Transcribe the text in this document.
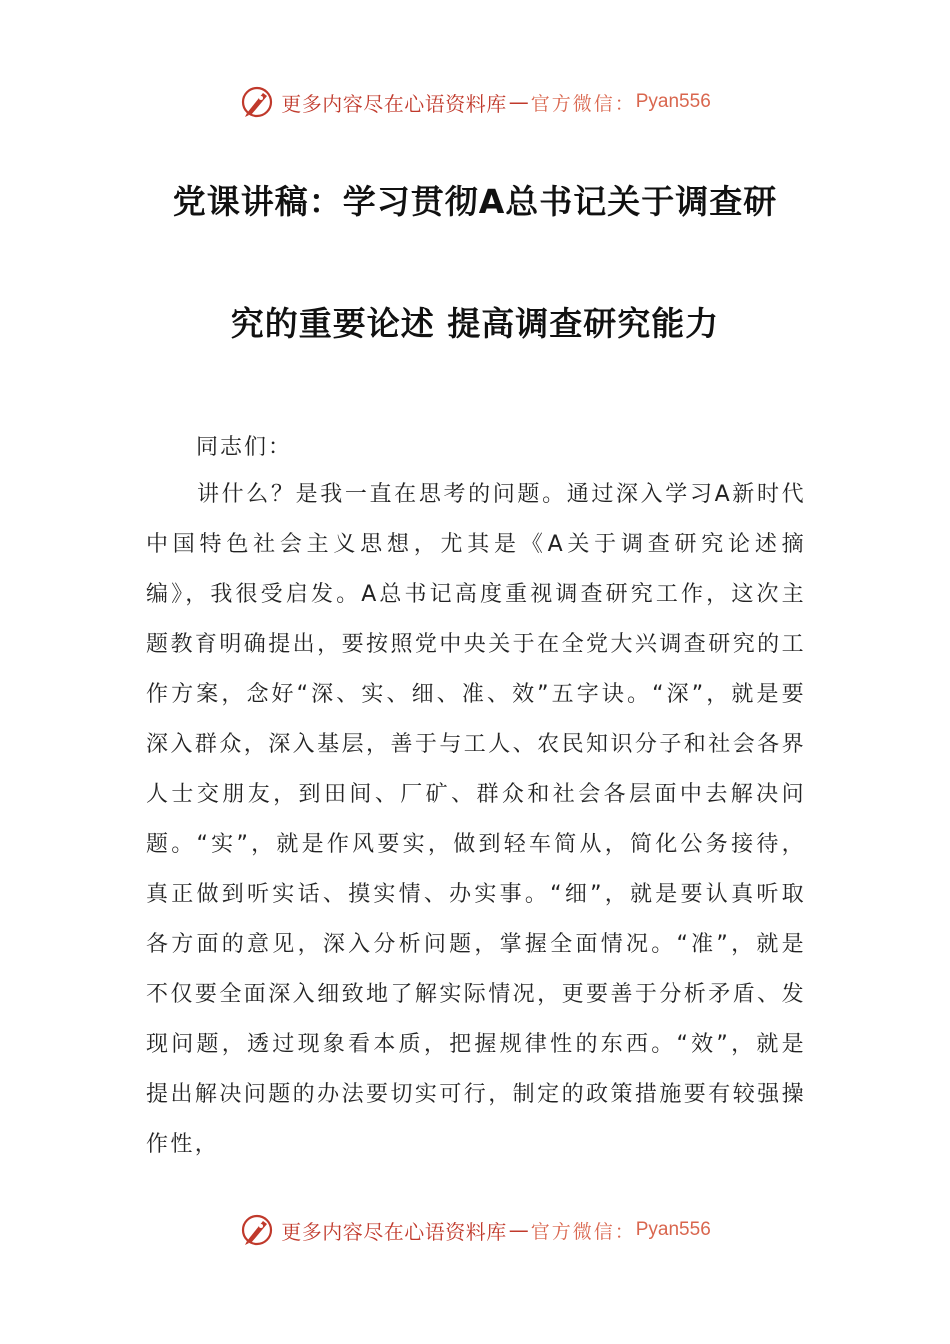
更多内容尽在心语资料库 — 官方微信： Pyan556
党课讲稿：学习贯彻A总书记关于调查研
究的重要论述 提高调查研究能力
同志们：
讲什么？是我一直在思考的问题。通过深入学习A新时代中国特色社会主义思想，尤其是《A关于调查研究论述摘编》，我很受启发。A总书记高度重视调查研究工作，这次主题教育明确提出，要按照党中央关于在全党大兴调查研究的工作方案，念好“深、实、细、准、效”五字诀。“深”，就是要深入群众，深入基层，善于与工人、农民知识分子和社会各界人士交朋友，到田间、厂矿、群众和社会各层面中去解决问题。“实”，就是作风要实，做到轻车简从，简化公务接待，真正做到听实话、摸实情、办实事。“细”，就是要认真听取各方面的意见，深入分析问题，掌握全面情况。“准”，就是不仅要全面深入细致地了解实际情况，更要善于分析矛盾、发现问题，透过现象看本质，把握规律性的东西。“效”，就是提出解决问题的办法要切实可行，制定的政策措施要有较强操作性，
更多内容尽在心语资料库 — 官方微信： Pyan556
